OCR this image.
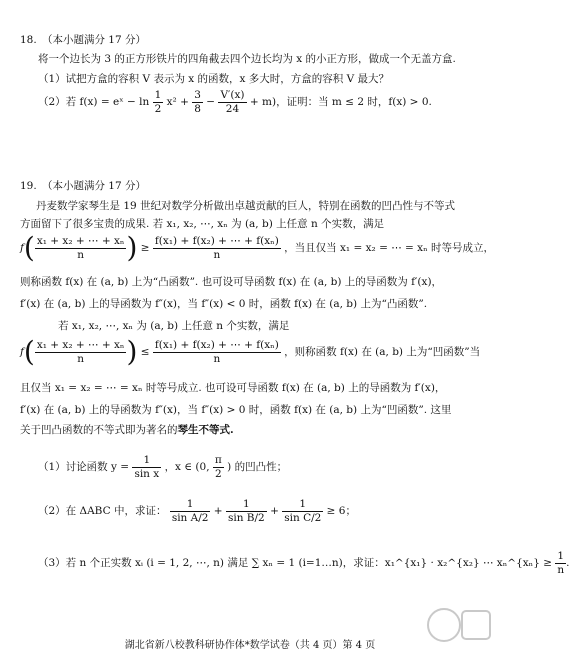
18.　（本小题满分 17 分）
将一个边长为 3 的正方形铁片的四角截去四个边长均为 x 的小正方形，做成一个无盖方盒.
（1）试把方盒的容积 V 表示为 x 的函数，x 多大时，方盒的容积 V 最大？
（2）若 f(x) = eˣ − $\ln \frac{1}{2} x^2 + \frac{3}{8} - \frac{V'(x)}{24} + m$)，证明：当 m ≤ 2 时，f(x) > 0.
19.　（本小题满分 17 分）
丹麦数学家琴生是 19 世纪对数学分析做出卓越贡献的巨人，特别在函数的凹凸性与不等式
方面留下了很多宝贵的成果. 若 x₁, x₂, ⋯, xₙ 为 (a, b) 上任意 n 个实数，满足
$f( \frac{\text{x₁ + x₂ + ⋯ + xₙ}}{n}$ ) ≥ $\frac{\text{f(x₁) + f(x₂) + ⋯ + f(xₙ)}}{n}$ ，当且仅当 x₁ = x₂ = ⋯ = xₙ 时等号成立，
则称函数 f(x) 在 (a, b) 上为“凸函数”. 也可设可导函数 f(x) 在 (a, b) 上的导函数为 f′(x)，
f′(x) 在 (a, b) 上的导函数为 f″(x)，当 f″(x) < 0 时，函数 f(x) 在 (a, b) 上为“凸函数”.
若 x₁, x₂, ⋯, xₙ 为 (a, b) 上任意 n 个实数，满足
$f( \frac{\text{x₁ + x₂ + ⋯ + xₙ}}{n}$ ) ≤ $\frac{\text{f(x₁) + f(x₂) + ⋯ + f(xₙ)}}{n}$ ，则称函数 f(x) 在 (a, b) 上为“凹函数”当
且仅当 x₁ = x₂ = ⋯ = xₙ 时等号成立. 也可设可导函数 f(x) 在 (a, b) 上的导函数为 f′(x)，
f′(x) 在 (a, b) 上的导函数为 f″(x)，当 f″(x) > 0 时，函数 f(x) 在 (a, b) 上为“凹函数”. 这里
关于凹凸函数的不等式即为著名的琴生不等式.
（1）讨论函数 $y = \frac{1}{\text{sin x}}$ ，x ∈ (0, $\frac{\pi}{2}$ ) 的凹凸性；
（2）在 ΔABC 中，求证： $\frac{1}{\text{sin A/2}} + \frac{1}{\text{sin B/2}} + \frac{1}{\text{sin C/2}} \ge 6$；
（3）若 n 个正实数 xᵢ (i = 1, 2, ⋯, n) 满足 ∑ xₙ = 1 (i=1…n)，求证：x₁^{x₁} · x₂^{x₂} ⋯ xₙ^{xₙ} ≥ $\frac{1}{n}$ .
湖北省新八校教科研协作体*数学试卷（共 4 页）第 4 页
